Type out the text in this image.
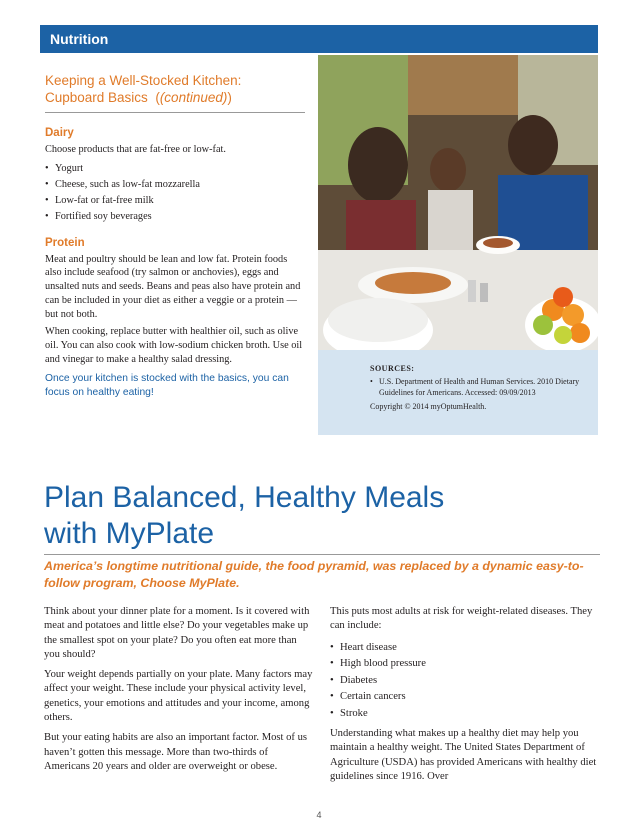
Nutrition
Keeping a Well-Stocked Kitchen:
Cupboard Basics  ((continued))
Dairy

Choose products that are fat-free or low-fat.

• Yogurt
• Cheese, such as low-fat mozzarella
• Low-fat or fat-free milk
• Fortified soy beverages
Protein

Meat and poultry should be lean and low fat. Protein foods also include seafood (try salmon or anchovies), eggs and unsalted nuts and seeds. Beans and peas also have protein and can be included in your diet as either a veggie or a protein — but not both.

When cooking, replace butter with healthier oil, such as olive oil. You can also cook with low-sodium chicken broth. Use oil and vinegar to make a healthy salad dressing.

Once your kitchen is stocked with the basics, you can focus on healthy eating!
SOURCES:
• U.S. Department of Health and Human Services. 2010 Dietary Guidelines for Americans. Accessed: 09/09/2013
Copyright © 2014 myOptumHealth.
Plan Balanced, Healthy Meals
with MyPlate
America’s longtime nutritional guide, the food pyramid, was replaced by a dynamic easy-to-follow program, Choose MyPlate.

Think about your dinner plate for a moment. Is it covered with meat and potatoes and little else? Do your vegetables make up the smallest spot on your plate? Do you often eat more than you should?

Your weight depends partially on your plate. Many factors may affect your weight. These include your physical activity level, genetics, your emotions and attitudes and your income, among others.

But your eating habits are also an important factor. Most of us haven’t gotten this message. More than two-thirds of Americans 20 years and older are overweight or obese.

This puts most adults at risk for weight-related diseases. They can include:

• Heart disease
• High blood pressure
• Diabetes
• Certain cancers
• Stroke

Understanding what makes up a healthy diet may help you maintain a healthy weight. The United States Department of Agriculture (USDA) has provided Americans with healthy diet guidelines since 1916. Over

4
